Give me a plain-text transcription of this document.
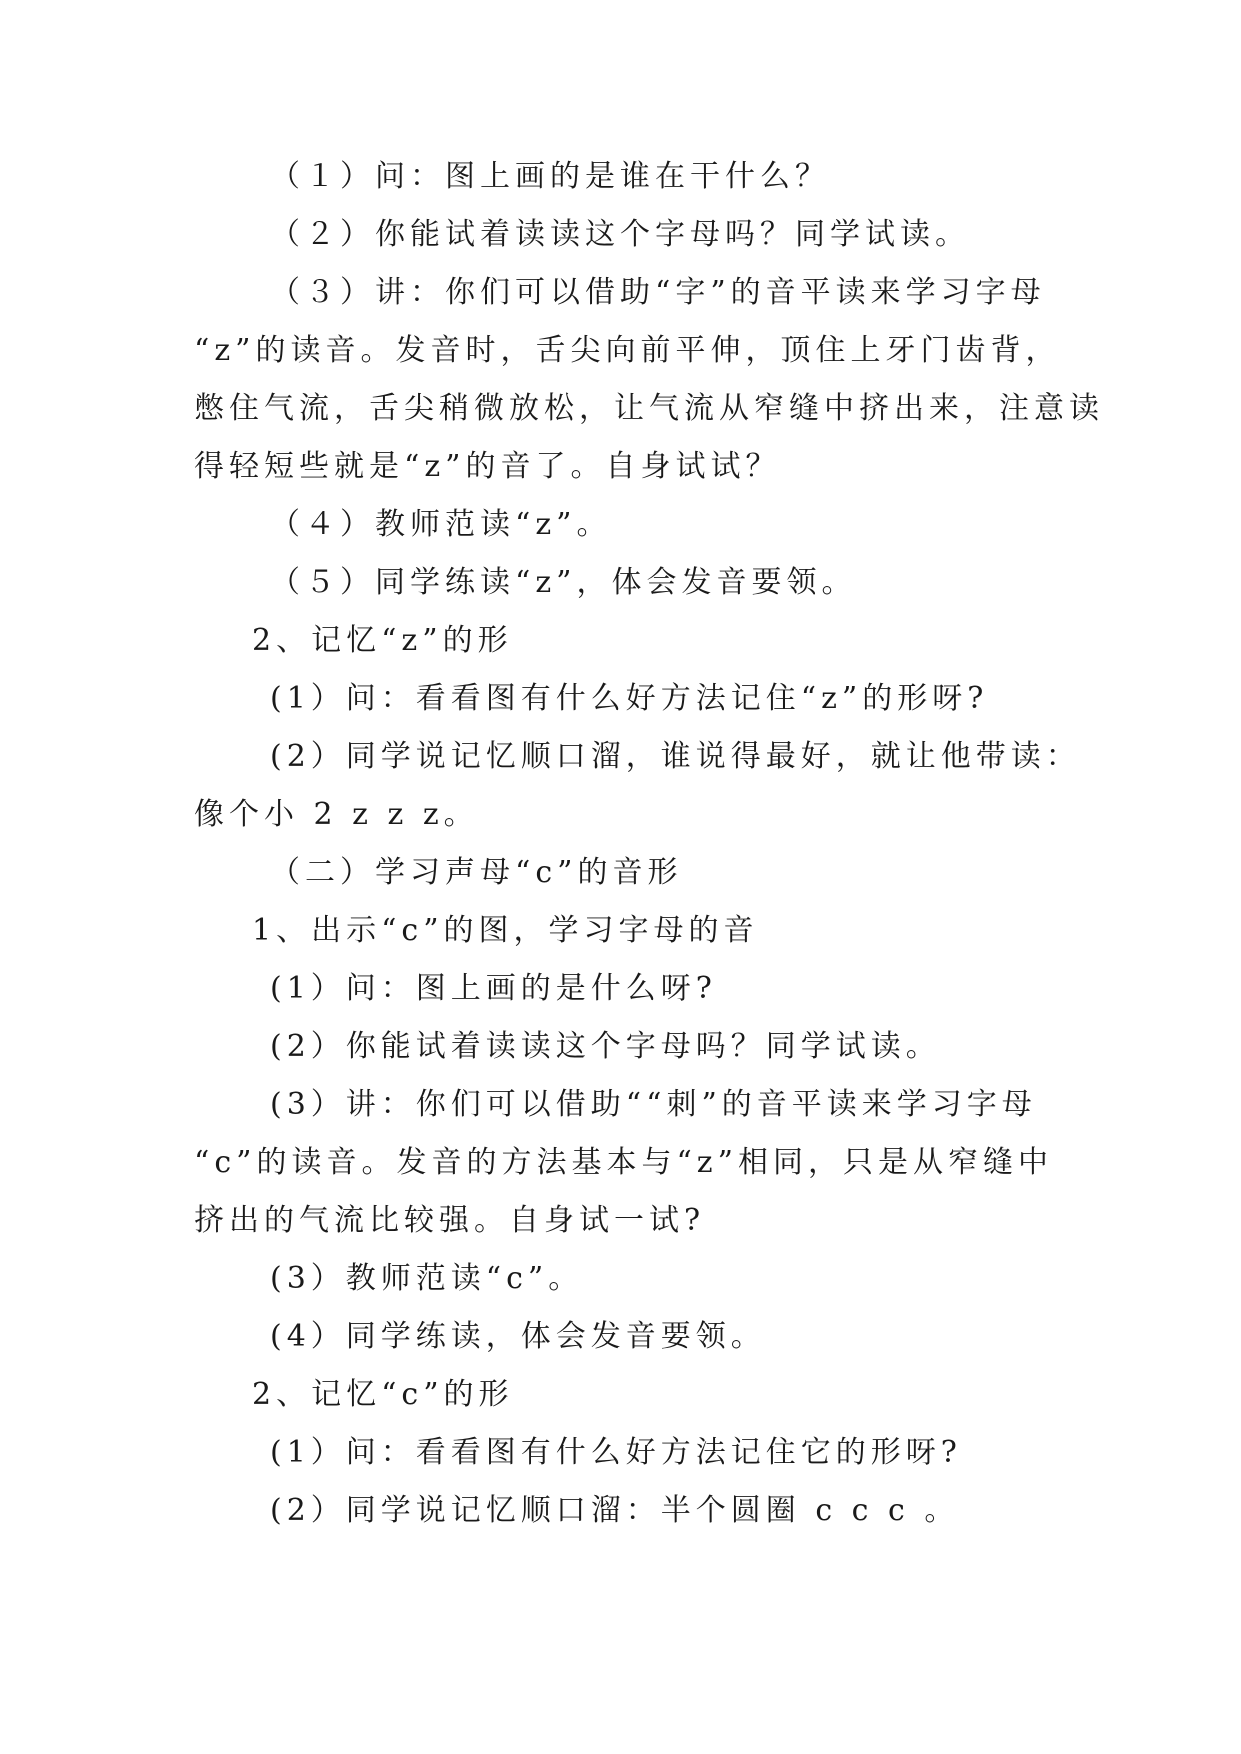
（１）问：图上画的是谁在干什么？
（２）你能试着读读这个字母吗？同学试读。
（３）讲：你们可以借助“字”的音平读来学习字母
“z”的读音。发音时，舌尖向前平伸，顶住上牙门齿背，
憋住气流，舌尖稍微放松，让气流从窄缝中挤出来，注意读
得轻短些就是“z”的音了。自身试试？
（４）教师范读“z”。
（５）同学练读“z”，体会发音要领。
2、记忆“z”的形
(1）问：看看图有什么好方法记住“z”的形呀?
(2）同学说记忆顺口溜，谁说得最好，就让他带读：
像个小 2 z z z。
（二）学习声母“c”的音形
1、出示“c”的图，学习字母的音
(1）问：图上画的是什么呀?
(2）你能试着读读这个字母吗？同学试读。
(3）讲：你们可以借助““刺”的音平读来学习字母
“c”的读音。发音的方法基本与“z”相同，只是从窄缝中
挤出的气流比较强。自身试一试?
(3）教师范读“c”。
(4）同学练读，体会发音要领。
2、记忆“c”的形
(1）问：看看图有什么好方法记住它的形呀?
(2）同学说记忆顺口溜：半个圆圈 c c c 。
